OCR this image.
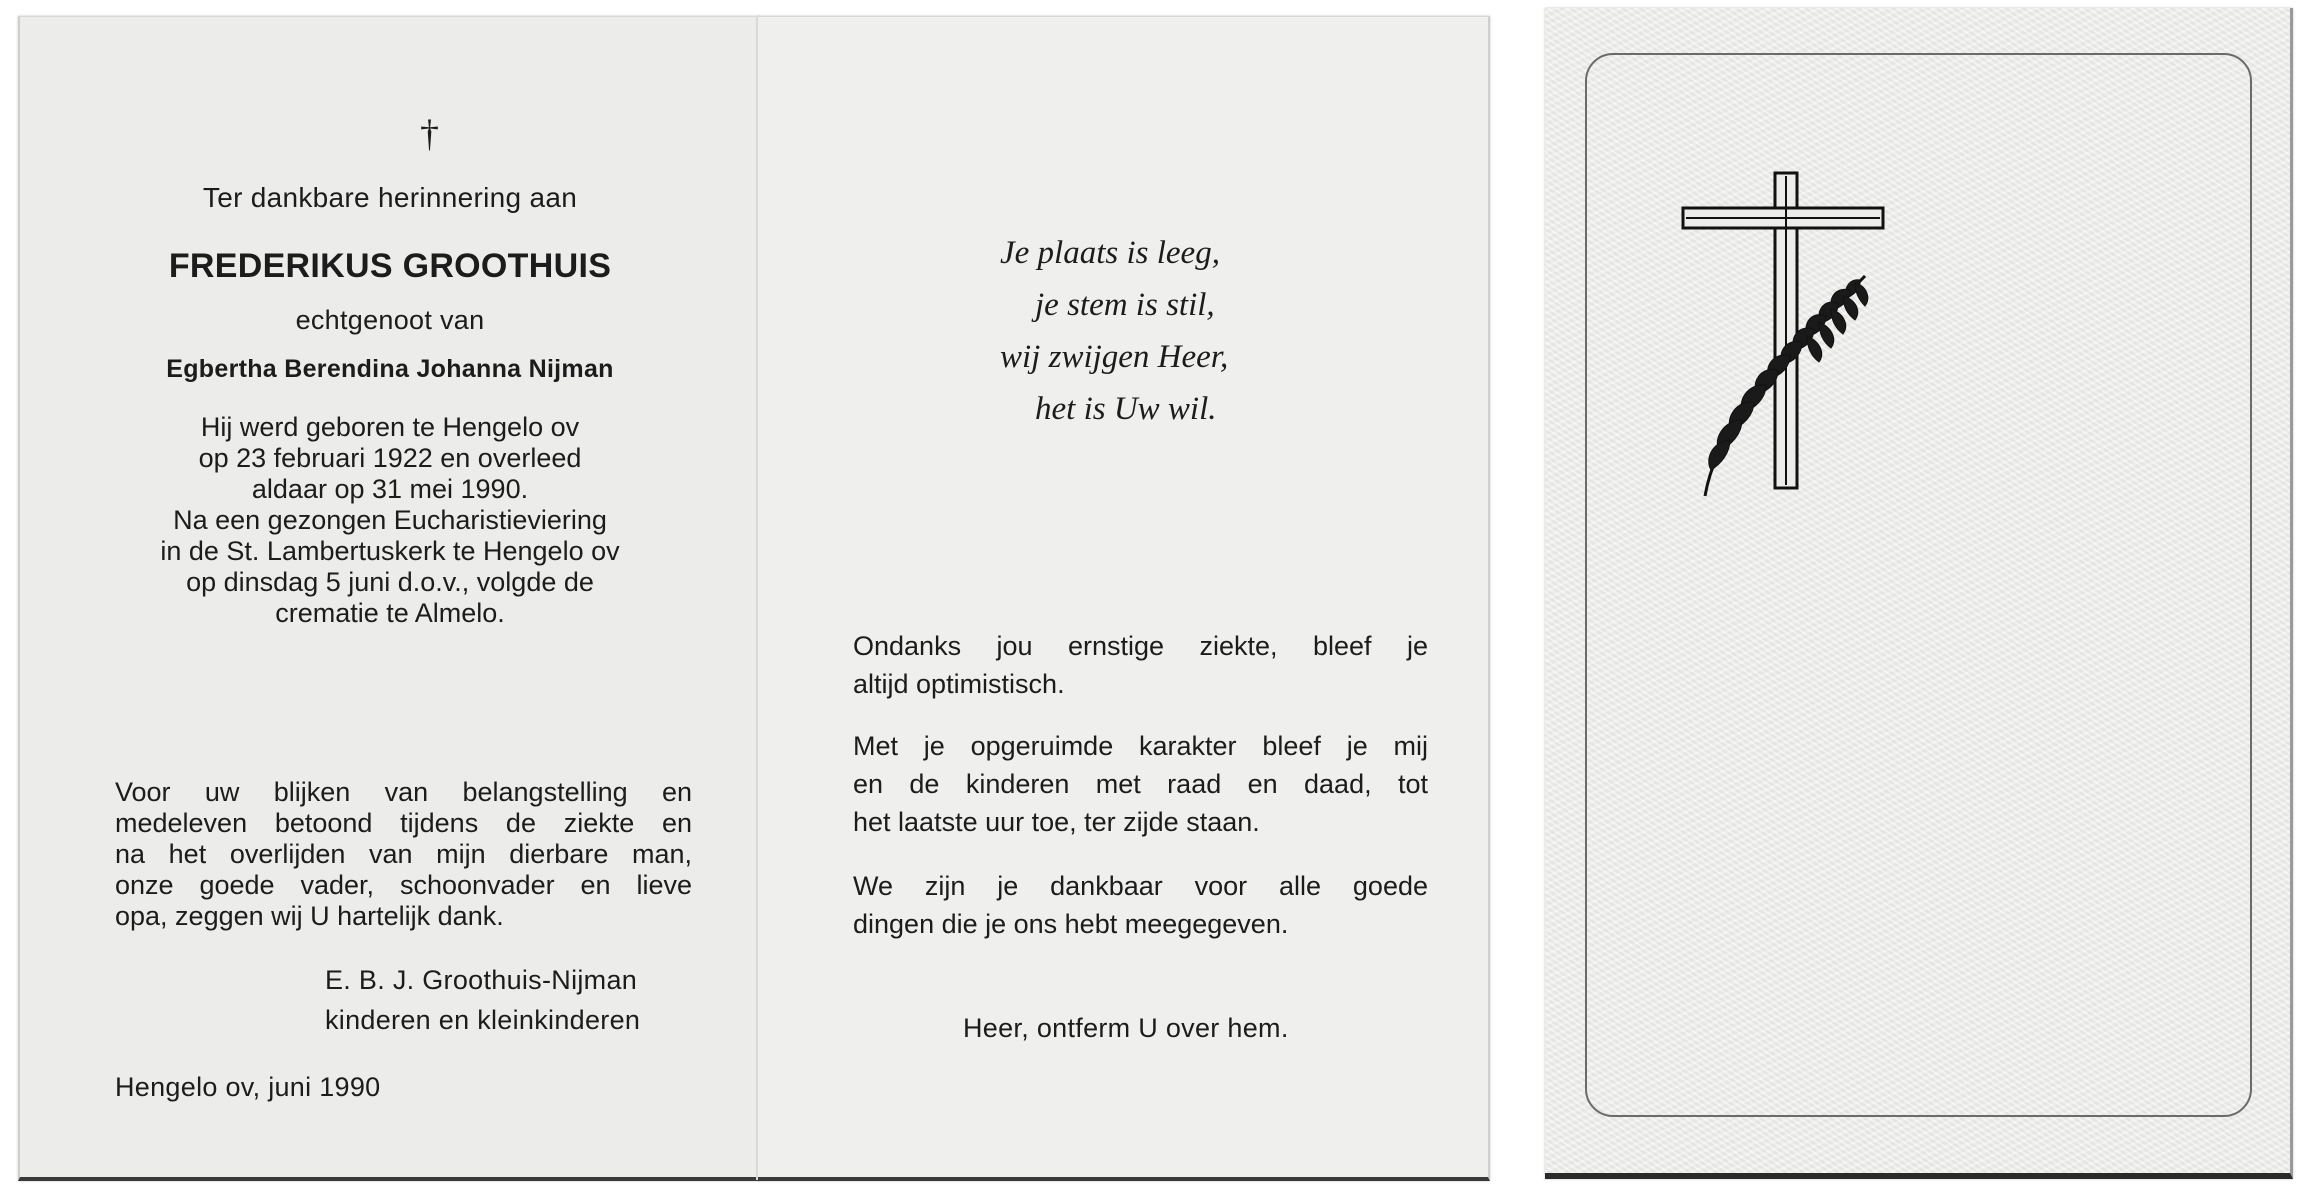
†
Ter dankbare herinnering aan
FREDERIKUS GROOTHUIS
echtgenoot van
Egbertha Berendina Johanna Nijman
Hij werd geboren te Hengelo ov
op 23 februari 1922 en overleed
aldaar op 31 mei 1990.
Na een gezongen Eucharistieviering
in de St. Lambertuskerk te Hengelo ov
op dinsdag 5 juni d.o.v., volgde de
crematie te Almelo.
Voor uw blijken van belangstelling en
medeleven betoond tijdens de ziekte en
na het overlijden van mijn dierbare man,
onze goede vader, schoonvader en lieve
opa, zeggen wij U hartelijk dank.
E. B. J. Groothuis-Nijman
kinderen en kleinkinderen
Hengelo ov, juni 1990
Je plaats is leeg,
je stem is stil,
wij zwijgen Heer,
het is Uw wil.
Ondanks jou ernstige ziekte, bleef je
altijd optimistisch.
Met je opgeruimde karakter bleef je mij
en de kinderen met raad en daad, tot
het laatste uur toe, ter zijde staan.
We zijn je dankbaar voor alle goede
dingen die je ons hebt meegegeven.
Heer, ontferm U over hem.
